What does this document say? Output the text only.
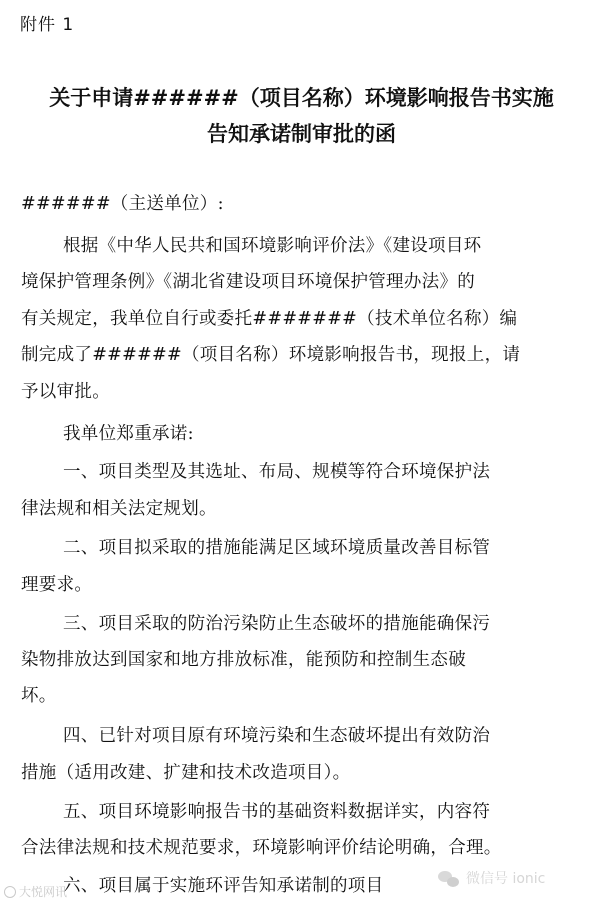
附件 1
关于申请######（项目名称）环境影响报告书实施
告知承诺制审批的函
######（主送单位）:
根据《中华人民共和国环境影响评价法》《建设项目环
境保护管理条例》《湖北省建设项目环境保护管理办法》的
有关规定，我单位自行或委托#######（技术单位名称）编
制完成了######（项目名称）环境影响报告书，现报上，请
予以审批。
我单位郑重承诺:
一、项目类型及其选址、布局、规模等符合环境保护法
律法规和相关法定规划。
二、项目拟采取的措施能满足区域环境质量改善目标管
理要求。
三、项目采取的防治污染防止生态破坏的措施能确保污
染物排放达到国家和地方排放标准，能预防和控制生态破
坏。
四、已针对项目原有环境污染和生态破坏提出有效防治
措施（适用改建、扩建和技术改造项目）。
五、项目环境影响报告书的基础资料数据详实，内容符
合法律法规和技术规范要求，环境影响评价结论明确，合理。
六、项目属于实施环评告知承诺制的项目
大悦网讯
微信号 ionic
